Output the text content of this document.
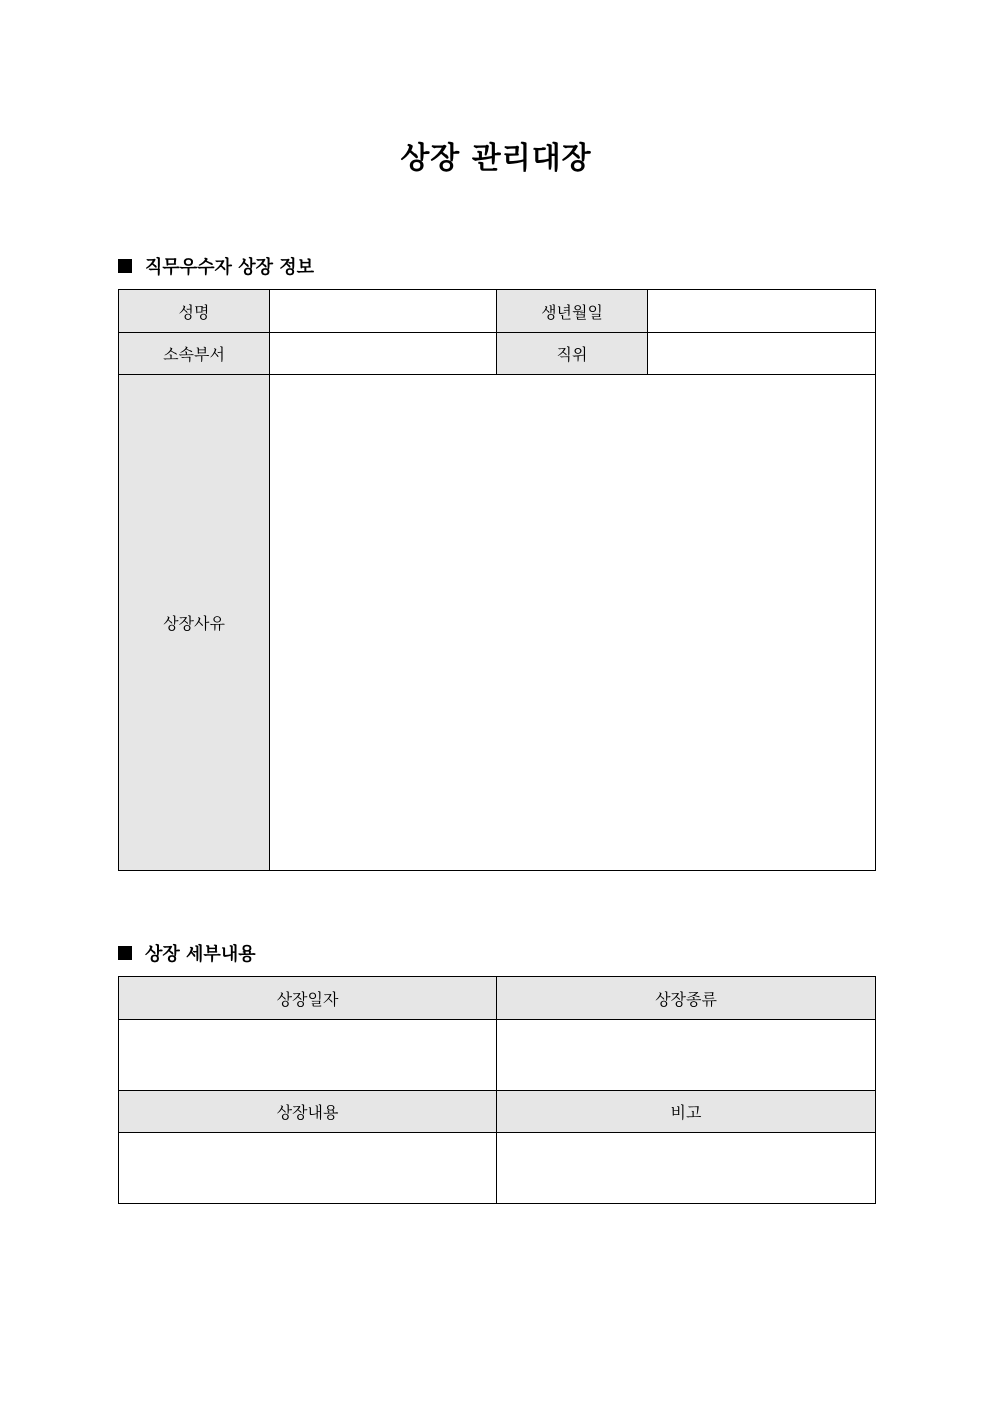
상장 관리대장
직무우수자 상장 정보
성명		생년월일	
소속부서		직위	
상장사유			
상장 세부내용
상장일자	상장종류

상장내용	비고
